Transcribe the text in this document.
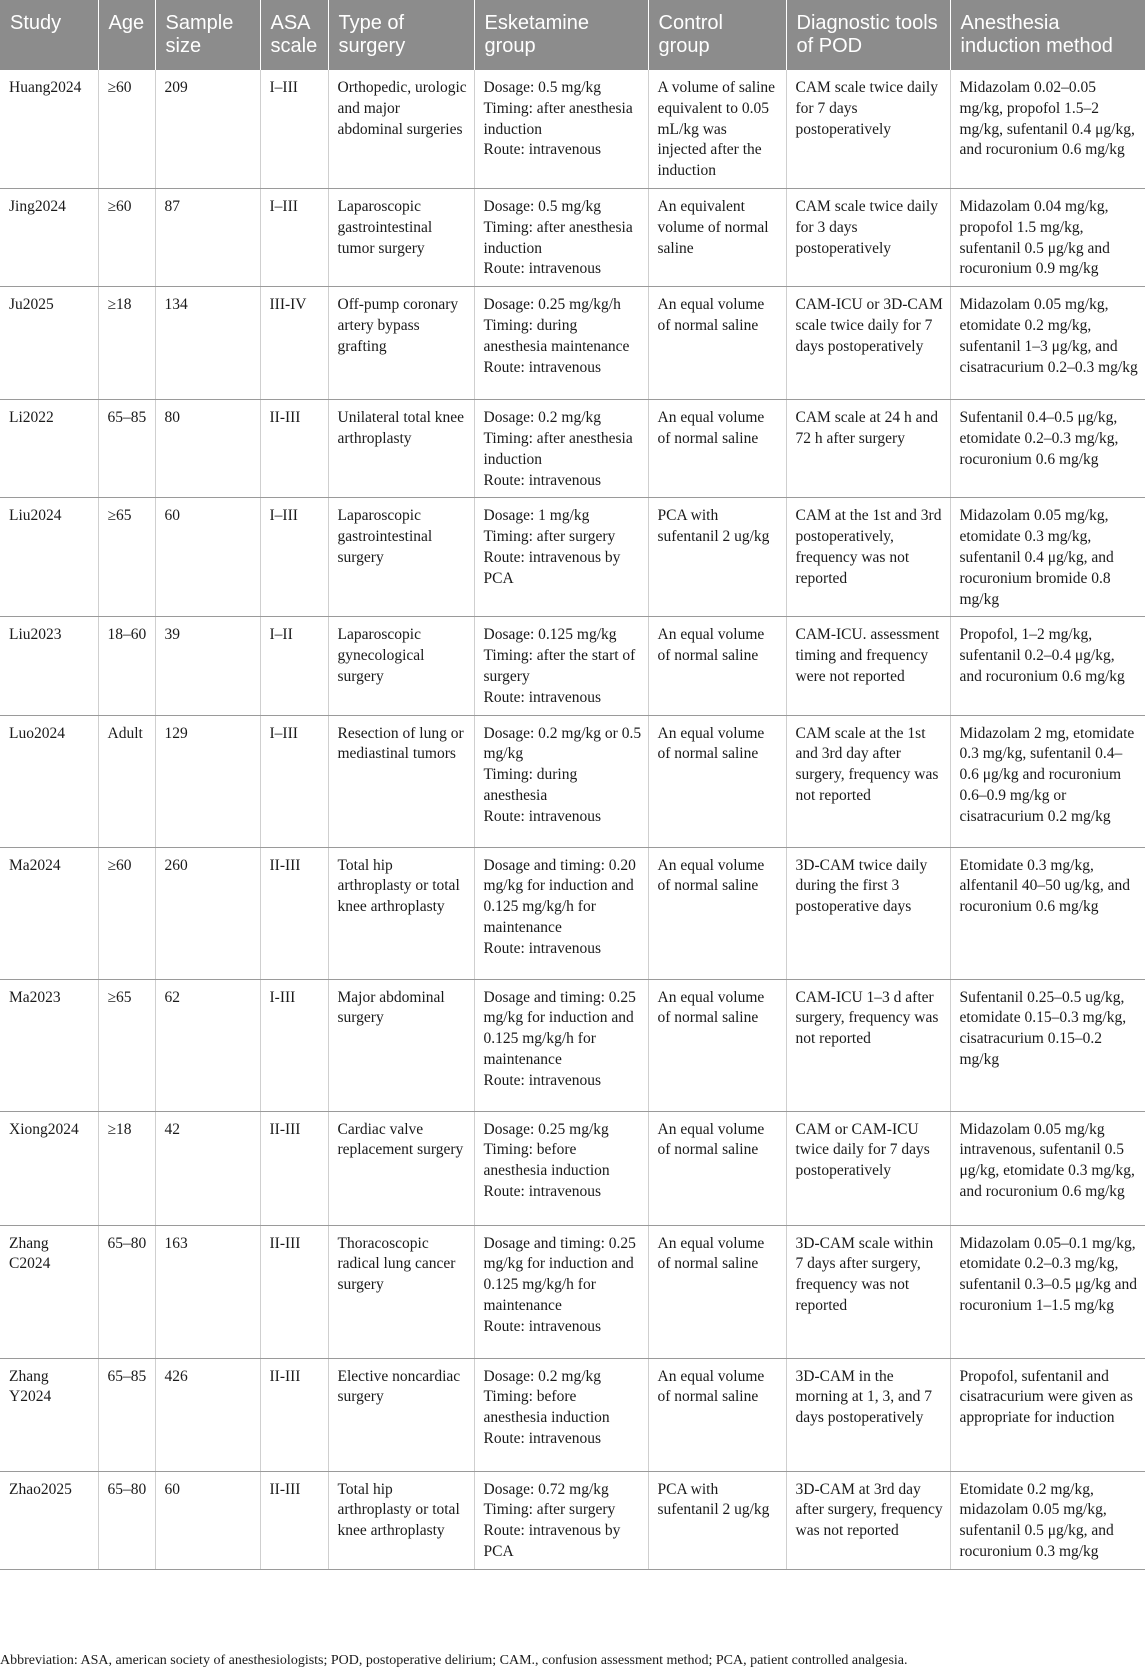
Study	Age	Sample size	ASA scale	Type of surgery	Esketamine group	Control group	Diagnostic tools of POD	Anesthesia induction method
Huang2024	≥60	209	I–III	Orthopedic, urologic and major abdominal surgeries	Dosage: 0.5 mg/kg
Timing: after anesthesia induction
Route: intravenous	A volume of saline equivalent to 0.05 mL/kg was injected after the induction	CAM scale twice daily for 7 days postoperatively	Midazolam 0.02–0.05 mg/kg, propofol 1.5–2 mg/kg, sufentanil 0.4 μg/kg, and rocuronium 0.6 mg/kg
Jing2024	≥60	87	I–III	Laparoscopic gastrointestinal tumor surgery	Dosage: 0.5 mg/kg
Timing: after anesthesia induction
Route: intravenous	An equivalent volume of normal saline	CAM scale twice daily for 3 days postoperatively	Midazolam 0.04 mg/kg, propofol 1.5 mg/kg, sufentanil 0.5 μg/kg and rocuronium 0.9 mg/kg
Ju2025	≥18	134	III-IV	Off-pump coronary artery bypass grafting	Dosage: 0.25 mg/kg/h
Timing: during anesthesia maintenance
Route: intravenous	An equal volume of normal saline	CAM-ICU or 3D-CAM scale twice daily for 7 days postoperatively	Midazolam 0.05 mg/kg, etomidate 0.2 mg/kg, sufentanil 1–3 μg/kg, and cisatracurium 0.2–0.3 mg/kg
Li2022	65–85	80	II-III	Unilateral total knee arthroplasty	Dosage: 0.2 mg/kg
Timing: after anesthesia induction
Route: intravenous	An equal volume of normal saline	CAM scale at 24 h and 72 h after surgery	Sufentanil 0.4–0.5 μg/kg, etomidate 0.2–0.3 mg/kg, rocuronium 0.6 mg/kg
Liu2024	≥65	60	I–III	Laparoscopic gastrointestinal surgery	Dosage: 1 mg/kg
Timing: after surgery
Route: intravenous by PCA	PCA with sufentanil 2 ug/kg	CAM at the 1st and 3rd postoperatively, frequency was not reported	Midazolam 0.05 mg/kg, etomidate 0.3 mg/kg, sufentanil 0.4 μg/kg, and rocuronium bromide 0.8 mg/kg
Liu2023	18–60	39	I–II	Laparoscopic gynecological surgery	Dosage: 0.125 mg/kg
Timing: after the start of surgery
Route: intravenous	An equal volume of normal saline	CAM-ICU. assessment timing and frequency were not reported	Propofol, 1–2 mg/kg, sufentanil 0.2–0.4 μg/kg, and rocuronium 0.6 mg/kg
Luo2024	Adult	129	I–III	Resection of lung or mediastinal tumors	Dosage: 0.2 mg/kg or 0.5 mg/kg
Timing: during anesthesia
Route: intravenous	An equal volume of normal saline	CAM scale at the 1st and 3rd day after surgery, frequency was not reported	Midazolam 2 mg, etomidate 0.3 mg/kg, sufentanil 0.4–0.6 μg/kg and rocuronium 0.6–0.9 mg/kg or cisatracurium 0.2 mg/kg
Ma2024	≥60	260	II-III	Total hip arthroplasty or total knee arthroplasty	Dosage and timing: 0.20 mg/kg for induction and 0.125 mg/kg/h for maintenance
Route: intravenous	An equal volume of normal saline	3D-CAM twice daily during the first 3 postoperative days	Etomidate 0.3 mg/kg, alfentanil 40–50 ug/kg, and rocuronium 0.6 mg/kg
Ma2023	≥65	62	I-III	Major abdominal surgery	Dosage and timing: 0.25 mg/kg for induction and 0.125 mg/kg/h for maintenance
Route: intravenous	An equal volume of normal saline	CAM-ICU 1–3 d after surgery, frequency was not reported	Sufentanil 0.25–0.5 ug/kg, etomidate 0.15–0.3 mg/kg, cisatracurium 0.15–0.2 mg/kg
Xiong2024	≥18	42	II-III	Cardiac valve replacement surgery	Dosage: 0.25 mg/kg
Timing: before anesthesia induction
Route: intravenous	An equal volume of normal saline	CAM or CAM-ICU twice daily for 7 days postoperatively	Midazolam 0.05 mg/kg intravenous, sufentanil 0.5 μg/kg, etomidate 0.3 mg/kg, and rocuronium 0.6 mg/kg
Zhang C2024	65–80	163	II-III	Thoracoscopic radical lung cancer surgery	Dosage and timing: 0.25 mg/kg for induction and 0.125 mg/kg/h for maintenance
Route: intravenous	An equal volume of normal saline	3D-CAM scale within 7 days after surgery, frequency was not reported	Midazolam 0.05–0.1 mg/kg, etomidate 0.2–0.3 mg/kg, sufentanil 0.3–0.5 μg/kg and rocuronium 1–1.5 mg/kg
Zhang Y2024	65–85	426	II-III	Elective noncardiac surgery	Dosage: 0.2 mg/kg
Timing: before anesthesia induction
Route: intravenous	An equal volume of normal saline	3D-CAM in the morning at 1, 3, and 7 days postoperatively	Propofol, sufentanil and cisatracurium were given as appropriate for induction
Zhao2025	65–80	60	II-III	Total hip arthroplasty or total knee arthroplasty	Dosage: 0.72 mg/kg
Timing: after surgery
Route: intravenous by PCA	PCA with sufentanil 2 ug/kg	3D-CAM at 3rd day after surgery, frequency was not reported	Etomidate 0.2 mg/kg, midazolam 0.05 mg/kg, sufentanil 0.5 μg/kg, and rocuronium 0.3 mg/kg
Abbreviation: ASA, american society of anesthesiologists; POD, postoperative delirium; CAM., confusion assessment method; PCA, patient controlled analgesia.
